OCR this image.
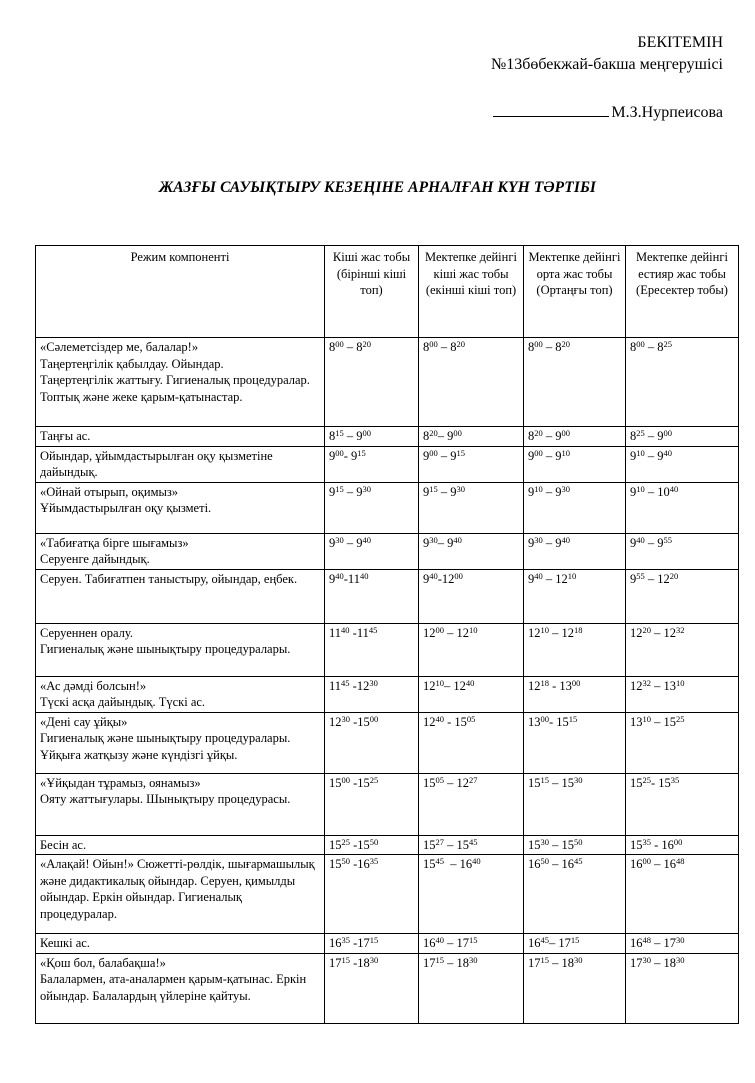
БЕКІТЕМІН
№13бөбекжай-бакша меңгерушісі
М.З.Нурпеисова
ЖАЗҒЫ САУЫҚТЫРУ КЕЗЕҢІНЕ АРНАЛҒАН КҮН ТӘРТІБІ
Режим компоненті	Кіші жас тобы (бірінші кіші топ)	Мектепке дейінгі кіші жас тобы (екінші кіші топ)	Мектепке дейінгі орта жас тобы (Ортаңғы топ)	Мектепке дейінгі естияр жас тобы (Ересектер тобы)

«Сәлеметсіздер ме, балалар!»
Таңертеңгілік қабылдау. Ойындар.
Таңертеңгілік жаттығу. Гигиеналық процедуралар.
Топтық және жеке қарым-қатынастар.	$8^{00} - 8^{20}$	$8^{00} - 8^{20}$	$8^{00} - 8^{20}$	$8^{00} - 8^{25}$

Таңғы ас.	$8^{15} - 9^{00}$	$8^{20}-$ $9^{00}$	$8^{20} - 9^{00}$	$8^{25} - 9^{00}$

Ойындар, ұйымдастырылған оқу қызметіне дайындық.	$9^{00}-$ $9^{15}$	$9^{00} - 9^{15}$	$9^{00} - 9^{10}$	$9^{10} - 9^{40}$

«Ойнай отырып, оқимыз»
Ұйымдастырылған оқу қызметі.	$9^{15} - 9^{30}$	$9^{15} - 9^{30}$	$9^{10} - 9^{30}$	$9^{10} - 10^{40}$

«Табиғатқа бірге шығамыз»
Серуенге дайындық.	$9^{30} - 9^{40}$	$9^{30}-$ $9^{40}$	$9^{30} - 9^{40}$	$9^{40} - 9^{55}$

Серуен. Табиғатпен таныстыру, ойындар, еңбек.	$9^{40}-11^{40}$	$9^{40}-12^{00}$	$9^{40} - 12^{10}$	$9^{55} - 12^{20}$

Серуеннен оралу.
Гигиеналық және шынықтыру процедуралары.	$11^{40}$ $-11^{45}$	$12^{00} - 12^{10}$	$12^{10} - 12^{18}$	$12^{20} - 12^{32}$

«Ас дәмді болсын!»
Түскі асқа дайындық. Түскі ас.	$11^{45}$ $-12^{30}$	$12^{10}-$ $12^{40}$	$12^{18} - 13^{00}$	$12^{32} - 13^{10}$

«Дені сау ұйқы»
Гигиеналық және шынықтыру процедуралары. Ұйқыға жатқызу және күндізгі ұйқы.	$12^{30}$ $-15^{00}$	$12^{40} - 15^{05}$	$13^{00}-$ $15^{15}$	$13^{10} - 15^{25}$

«Ұйқыдан тұрамыз, оянамыз»
Ояту жаттығулары. Шынықтыру процедурасы.	$15^{00}$ $-15^{25}$	$15^{05} - 12^{27}$	$15^{15} - 15^{30}$	$15^{25}-$ $15^{35}$

Бесін ас.	$15^{25}$ $-15^{50}$	$15^{27} - 15^{45}$	$15^{30} - 15^{50}$	$15^{35} - 16^{00}$

«Алақай! Ойын!» Сюжетті-рөлдік, шығармашылық және дидактикалық ойындар. Серуен, қимылды ойындар. Еркін ойындар. Гигиеналық процедуралар.	$15^{50}$ $-16^{35}$	$15^{45} - 16^{40}$	$16^{50} - 16^{45}$	$16^{00} - 16^{48}$

Кешкі ас.	$16^{35}$ $-17^{15}$	$16^{40} - 17^{15}$	$16^{45}-$ $17^{15}$	$16^{48} - 17^{30}$

«Қош бол, балабақша!»
Балалармен, ата-аналармен қарым-қатынас. Еркін ойындар. Балалардың үйлеріне қайтуы.	$17^{15}$ $-18^{30}$	$17^{15} - 18^{30}$	$17^{15} - 18^{30}$	$17^{30} - 18^{30}$
